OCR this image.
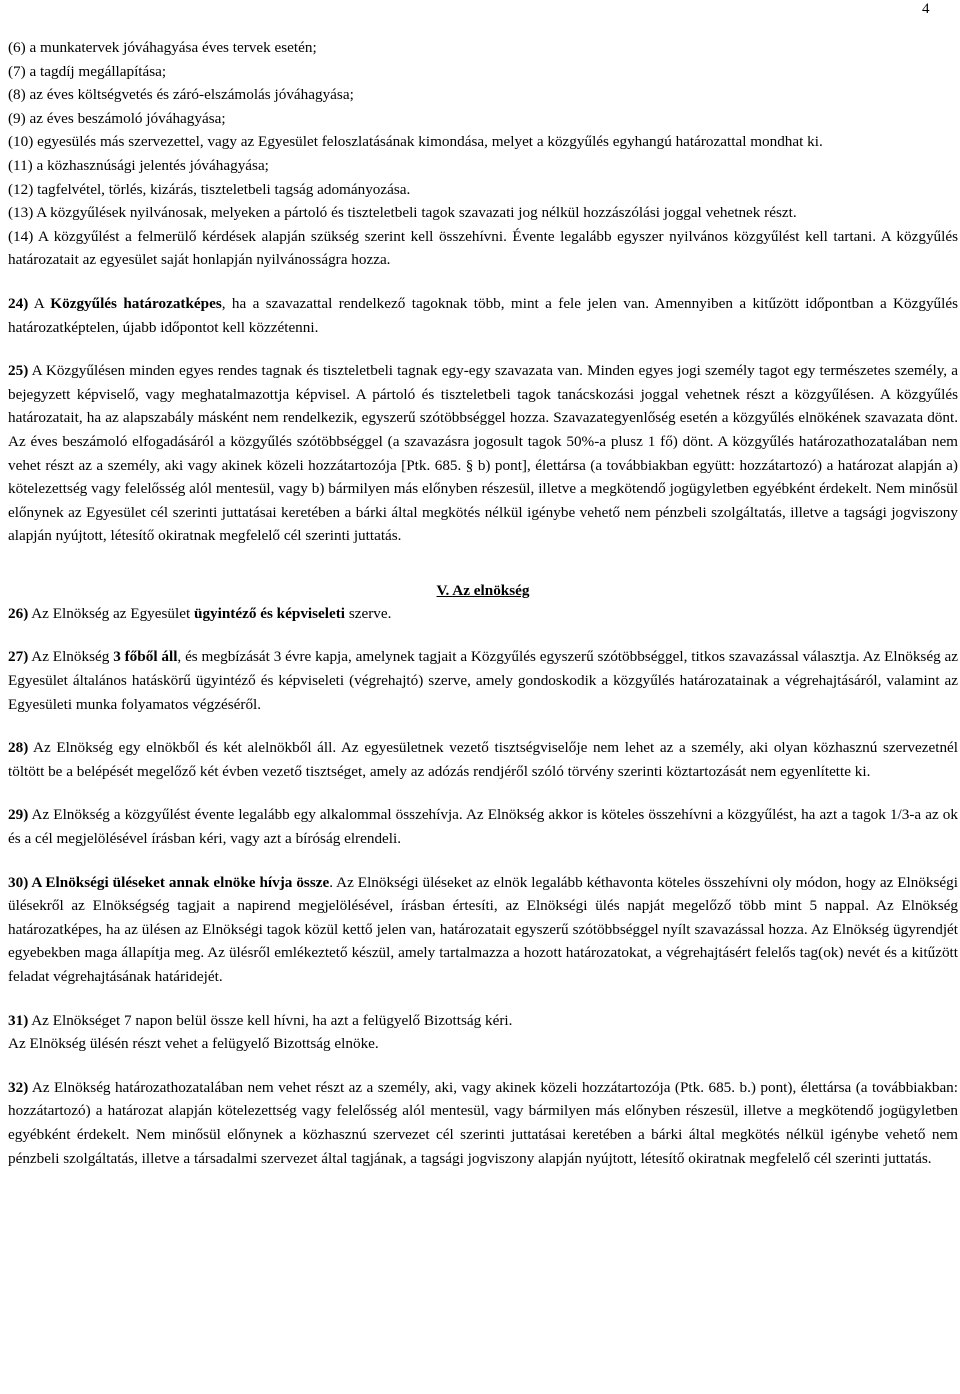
4
(6) a munkatervek jóváhagyása éves tervek esetén;
(7) a tagdíj megállapítása;
(8) az éves költségvetés és záró-elszámolás jóváhagyása;
(9) az éves beszámoló jóváhagyása;
(10) egyesülés más szervezettel, vagy az Egyesület feloszlatásának kimondása, melyet a közgyűlés egyhangú határozattal mondhat ki.
(11) a közhasznúsági jelentés jóváhagyása;
(12) tagfelvétel, törlés, kizárás, tiszteletbeli tagság adományozása.
(13) A közgyűlések nyilvánosak, melyeken a pártoló és tiszteletbeli tagok szavazati jog nélkül hozzászólási joggal vehetnek részt.
(14) A közgyűlést a felmerülő kérdések alapján szükség szerint kell összehívni. Évente legalább egyszer nyilvános közgyűlést kell tartani. A közgyűlés határozatait az egyesület saját honlapján nyilvánosságra hozza.

24) A Közgyűlés határozatképes, ha a szavazattal rendelkező tagoknak több, mint a fele jelen van. Amennyiben a kitűzött időpontban a Közgyűlés határozatképtelen, újabb időpontot kell közzétenni.

25) A Közgyűlésen minden egyes rendes tagnak és tiszteletbeli tagnak egy-egy szavazata van. Minden egyes jogi személy tagot egy természetes személy, a bejegyzett képviselő, vagy meghatalmazottja képvisel. A pártoló és tiszteletbeli tagok tanácskozási joggal vehetnek részt a közgyűlésen. A közgyűlés határozatait, ha az alapszabály másként nem rendelkezik, egyszerű szótöbbséggel hozza. Szavazategyenlőség esetén a közgyűlés elnökének szavazata dönt. Az éves beszámoló elfogadásáról a közgyűlés szótöbbséggel (a szavazásra jogosult tagok 50%-a plusz 1 fő) dönt. A közgyűlés határozathozatalában nem vehet részt az a személy, aki vagy akinek közeli hozzátartozója [Ptk. 685. § b) pont], élettársa (a továbbiakban együtt: hozzátartozó) a határozat alapján a) kötelezettség vagy felelősség alól mentesül, vagy b) bármilyen más előnyben részesül, illetve a megkötendő jogügyletben egyébként érdekelt. Nem minősül előnynek az Egyesület cél szerinti juttatásai keretében a bárki által megkötés nélkül igénybe vehető nem pénzbeli szolgáltatás, illetve a tagsági jogviszony alapján nyújtott, létesítő okiratnak megfelelő cél szerinti juttatás.

V. Az elnökség

26) Az Elnökség az Egyesület ügyintéző és képviseleti szerve.

27) Az Elnökség 3 főből áll, és megbízását 3 évre kapja, amelynek tagjait a Közgyűlés egyszerű szótöbbséggel, titkos szavazással választja. Az Elnökség az Egyesület általános hatáskörű ügyintéző és képviseleti (végrehajtó) szerve, amely gondoskodik a közgyűlés határozatainak a végrehajtásáról, valamint az Egyesületi munka folyamatos végzéséről.

28) Az Elnökség egy elnökből és két alelnökből áll. Az egyesületnek vezető tisztségviselője nem lehet az a személy, aki olyan közhasznú szervezetnél töltött be a belépését megelőző két évben vezető tisztséget, amely az adózás rendjéről szóló törvény szerinti köztartozását nem egyenlítette ki.

29) Az Elnökség a közgyűlést évente legalább egy alkalommal összehívja. Az Elnökség akkor is köteles összehívni a közgyűlést, ha azt a tagok 1/3-a az ok és a cél megjelölésével írásban kéri, vagy azt a bíróság elrendeli.

30) A Elnökségi üléseket annak elnöke hívja össze. Az Elnökségi üléseket az elnök legalább kéthavonta köteles összehívni oly módon, hogy az Elnökségi ülésekről az Elnökségség tagjait a napirend megjelölésével, írásban értesíti, az Elnökségi ülés napját megelőző több mint 5 nappal. Az Elnökség határozatképes, ha az ülésen az Elnökségi tagok közül kettő jelen van, határozatait egyszerű szótöbbséggel nyílt szavazással hozza. Az Elnökség ügyrendjét egyebekben maga állapítja meg. Az ülésről emlékeztető készül, amely tartalmazza a hozott határozatokat, a végrehajtásért felelős tag(ok) nevét és a kitűzött feladat végrehajtásának határidejét.

31) Az Elnökséget 7 napon belül össze kell hívni, ha azt a felügyelő Bizottság kéri.
Az Elnökség ülésén részt vehet a felügyelő Bizottság elnöke.

32) Az Elnökség határozathozatalában nem vehet részt az a személy, aki, vagy akinek közeli hozzátartozója (Ptk. 685. b.) pont), élettársa (a továbbiakban: hozzátartozó) a határozat alapján kötelezettség vagy felelősség alól mentesül, vagy bármilyen más előnyben részesül, illetve a megkötendő jogügyletben egyébként érdekelt. Nem minősül előnynek a közhasznú szervezet cél szerinti juttatásai keretében a bárki által megkötés nélkül igénybe vehető nem pénzbeli szolgáltatás, illetve a társadalmi szervezet által tagjának, a tagsági jogviszony alapján nyújtott, létesítő okiratnak megfelelő cél szerinti juttatás.
